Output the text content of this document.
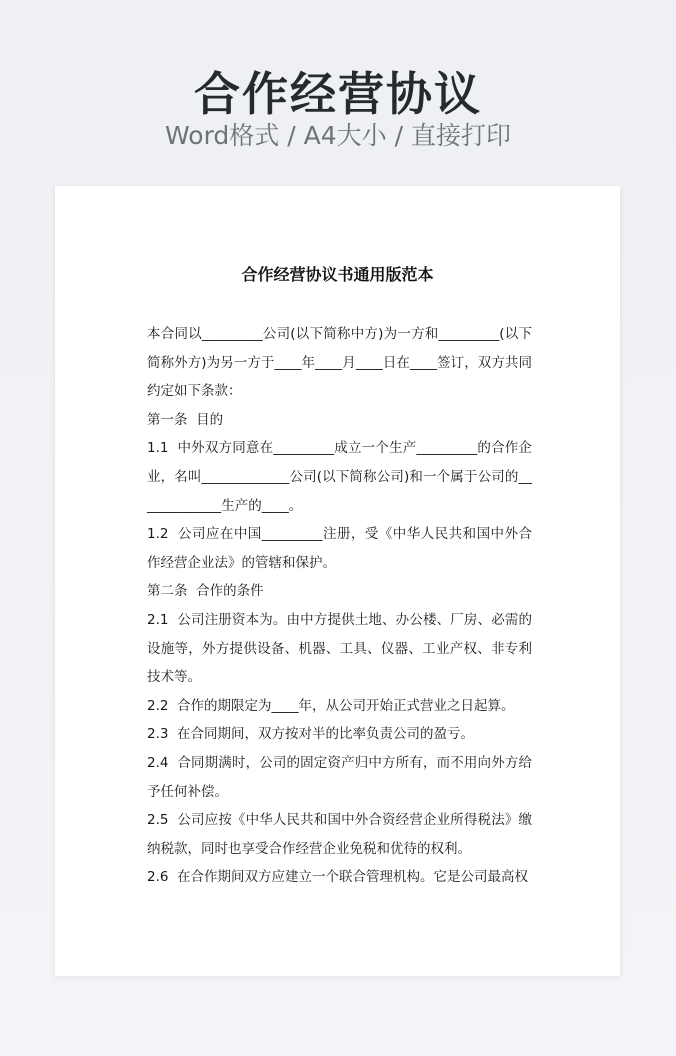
合作经营协议
Word格式 / A4大小 / 直接打印
合作经营协议书通用版范本

本合同以_________公司(以下简称中方)为一方和_________(以下简称外方)为另一方于____年____月____日在____签订，双方共同约定如下条款：

第一条  目的

1.1  中外双方同意在_________成立一个生产_________的合作企业，名叫_____________公司(以下简称公司)和一个属于公司的_____________生产的____。

1.2  公司应在中国_________注册，受《中华人民共和国中外合作经营企业法》的管辖和保护。

第二条  合作的条件

2.1  公司注册资本为。由中方提供土地、办公楼、厂房、必需的设施等，外方提供设备、机器、工具、仪器、工业产权、非专利技术等。

2.2  合作的期限定为____年，从公司开始正式营业之日起算。

2.3  在合同期间，双方按对半的比率负责公司的盈亏。

2.4  合同期满时，公司的固定资产归中方所有，而不用向外方给予任何补偿。

2.5  公司应按《中华人民共和国中外合资经营企业所得税法》缴纳税款，同时也享受合作经营企业免税和优待的权利。

2.6  在合作期间双方应建立一个联合管理机构。它是公司最高权
